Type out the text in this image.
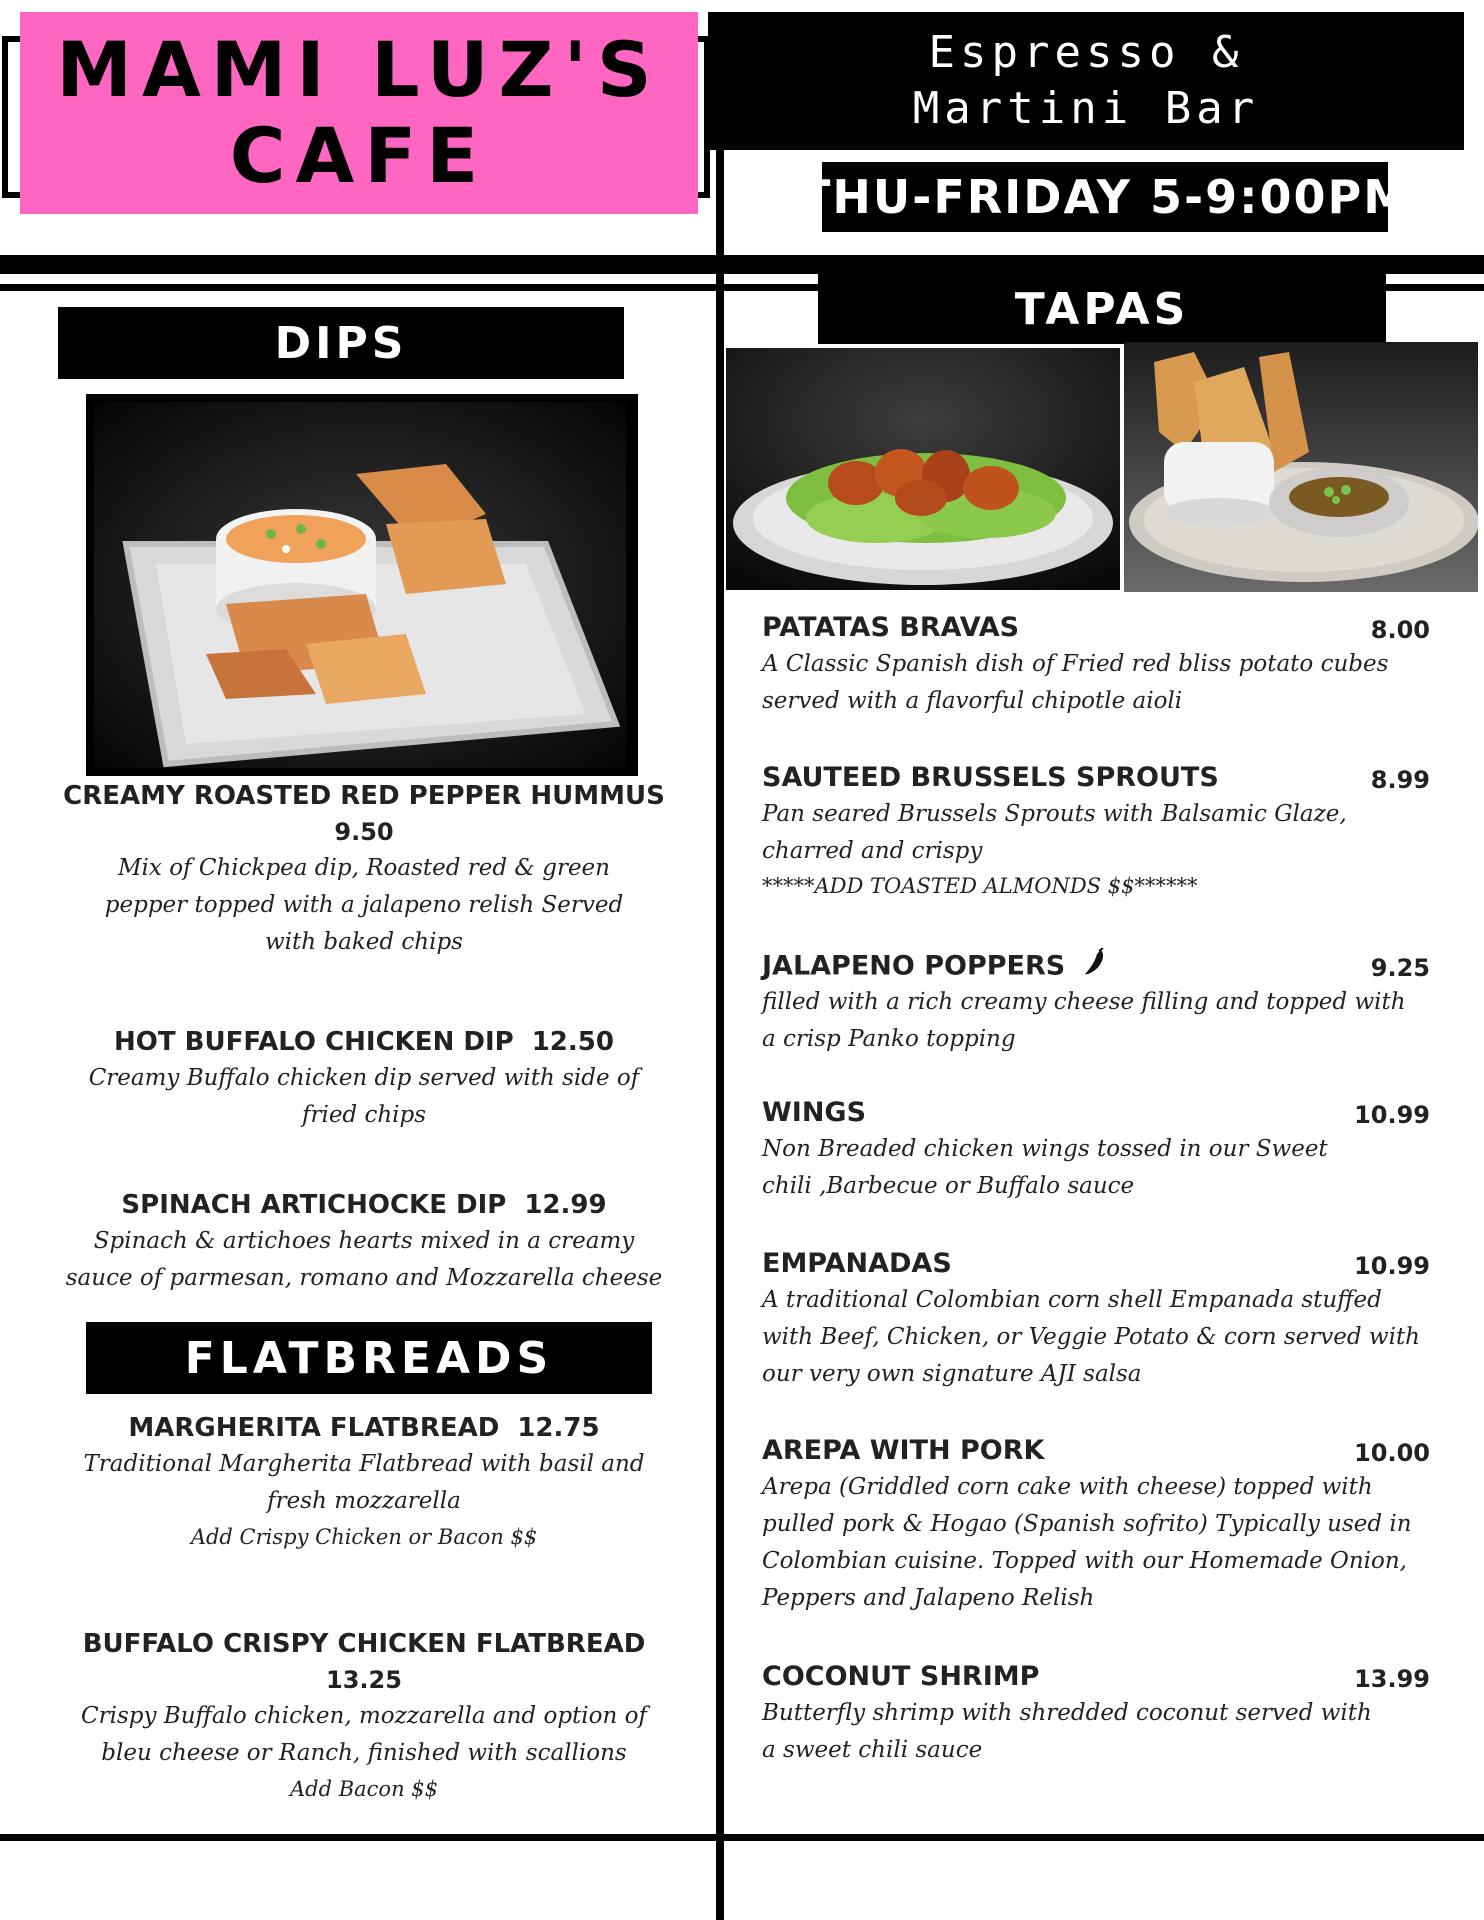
MAMI LUZ'S
CAFE
Espresso & Martini Bar
THU-FRIDAY 5-9:00PM
DIPS
CREAMY ROASTED RED PEPPER HUMMUS
9.50
Mix of Chickpea dip, Roasted red & green pepper topped with a jalapeno relish Served with baked chips
HOT BUFFALO CHICKEN DIP 12.50
Creamy Buffalo chicken dip served with side of fried chips
SPINACH ARTICHOCKE DIP 12.99
Spinach & artichoes hearts mixed in a creamy sauce of parmesan, romano and Mozzarella cheese
FLATBREADS
MARGHERITA FLATBREAD 12.75
Traditional Margherita Flatbread with basil and fresh mozzarella
Add Crispy Chicken or Bacon $$
BUFFALO CRISPY CHICKEN FLATBREAD
13.25
Crispy Buffalo chicken, mozzarella and option of bleu cheese or Ranch, finished with scallions
Add Bacon $$
TAPAS
PATATAS BRAVAS	8.00
A Classic Spanish dish of Fried red bliss potato cubes served with a flavorful chipotle aioli
SAUTEED BRUSSELS SPROUTS	8.99
Pan seared Brussels Sprouts with Balsamic Glaze, charred and crispy
*****ADD TOASTED ALMONDS $$******
JALAPENO POPPERS	9.25
filled with a rich creamy cheese filling and topped with a crisp Panko topping
WINGS	10.99
Non Breaded chicken wings tossed in our Sweet chili ,Barbecue or Buffalo sauce
EMPANADAS	10.99
A traditional Colombian corn shell Empanada stuffed with Beef, Chicken, or Veggie Potato & corn served with our very own signature AJI salsa
AREPA WITH PORK	10.00
Arepa (Griddled corn cake with cheese) topped with pulled pork & Hogao (Spanish sofrito) Typically used in Colombian cuisine. Topped with our Homemade Onion, Peppers and Jalapeno Relish
COCONUT SHRIMP	13.99
Butterfly shrimp with shredded coconut served with a sweet chili sauce
